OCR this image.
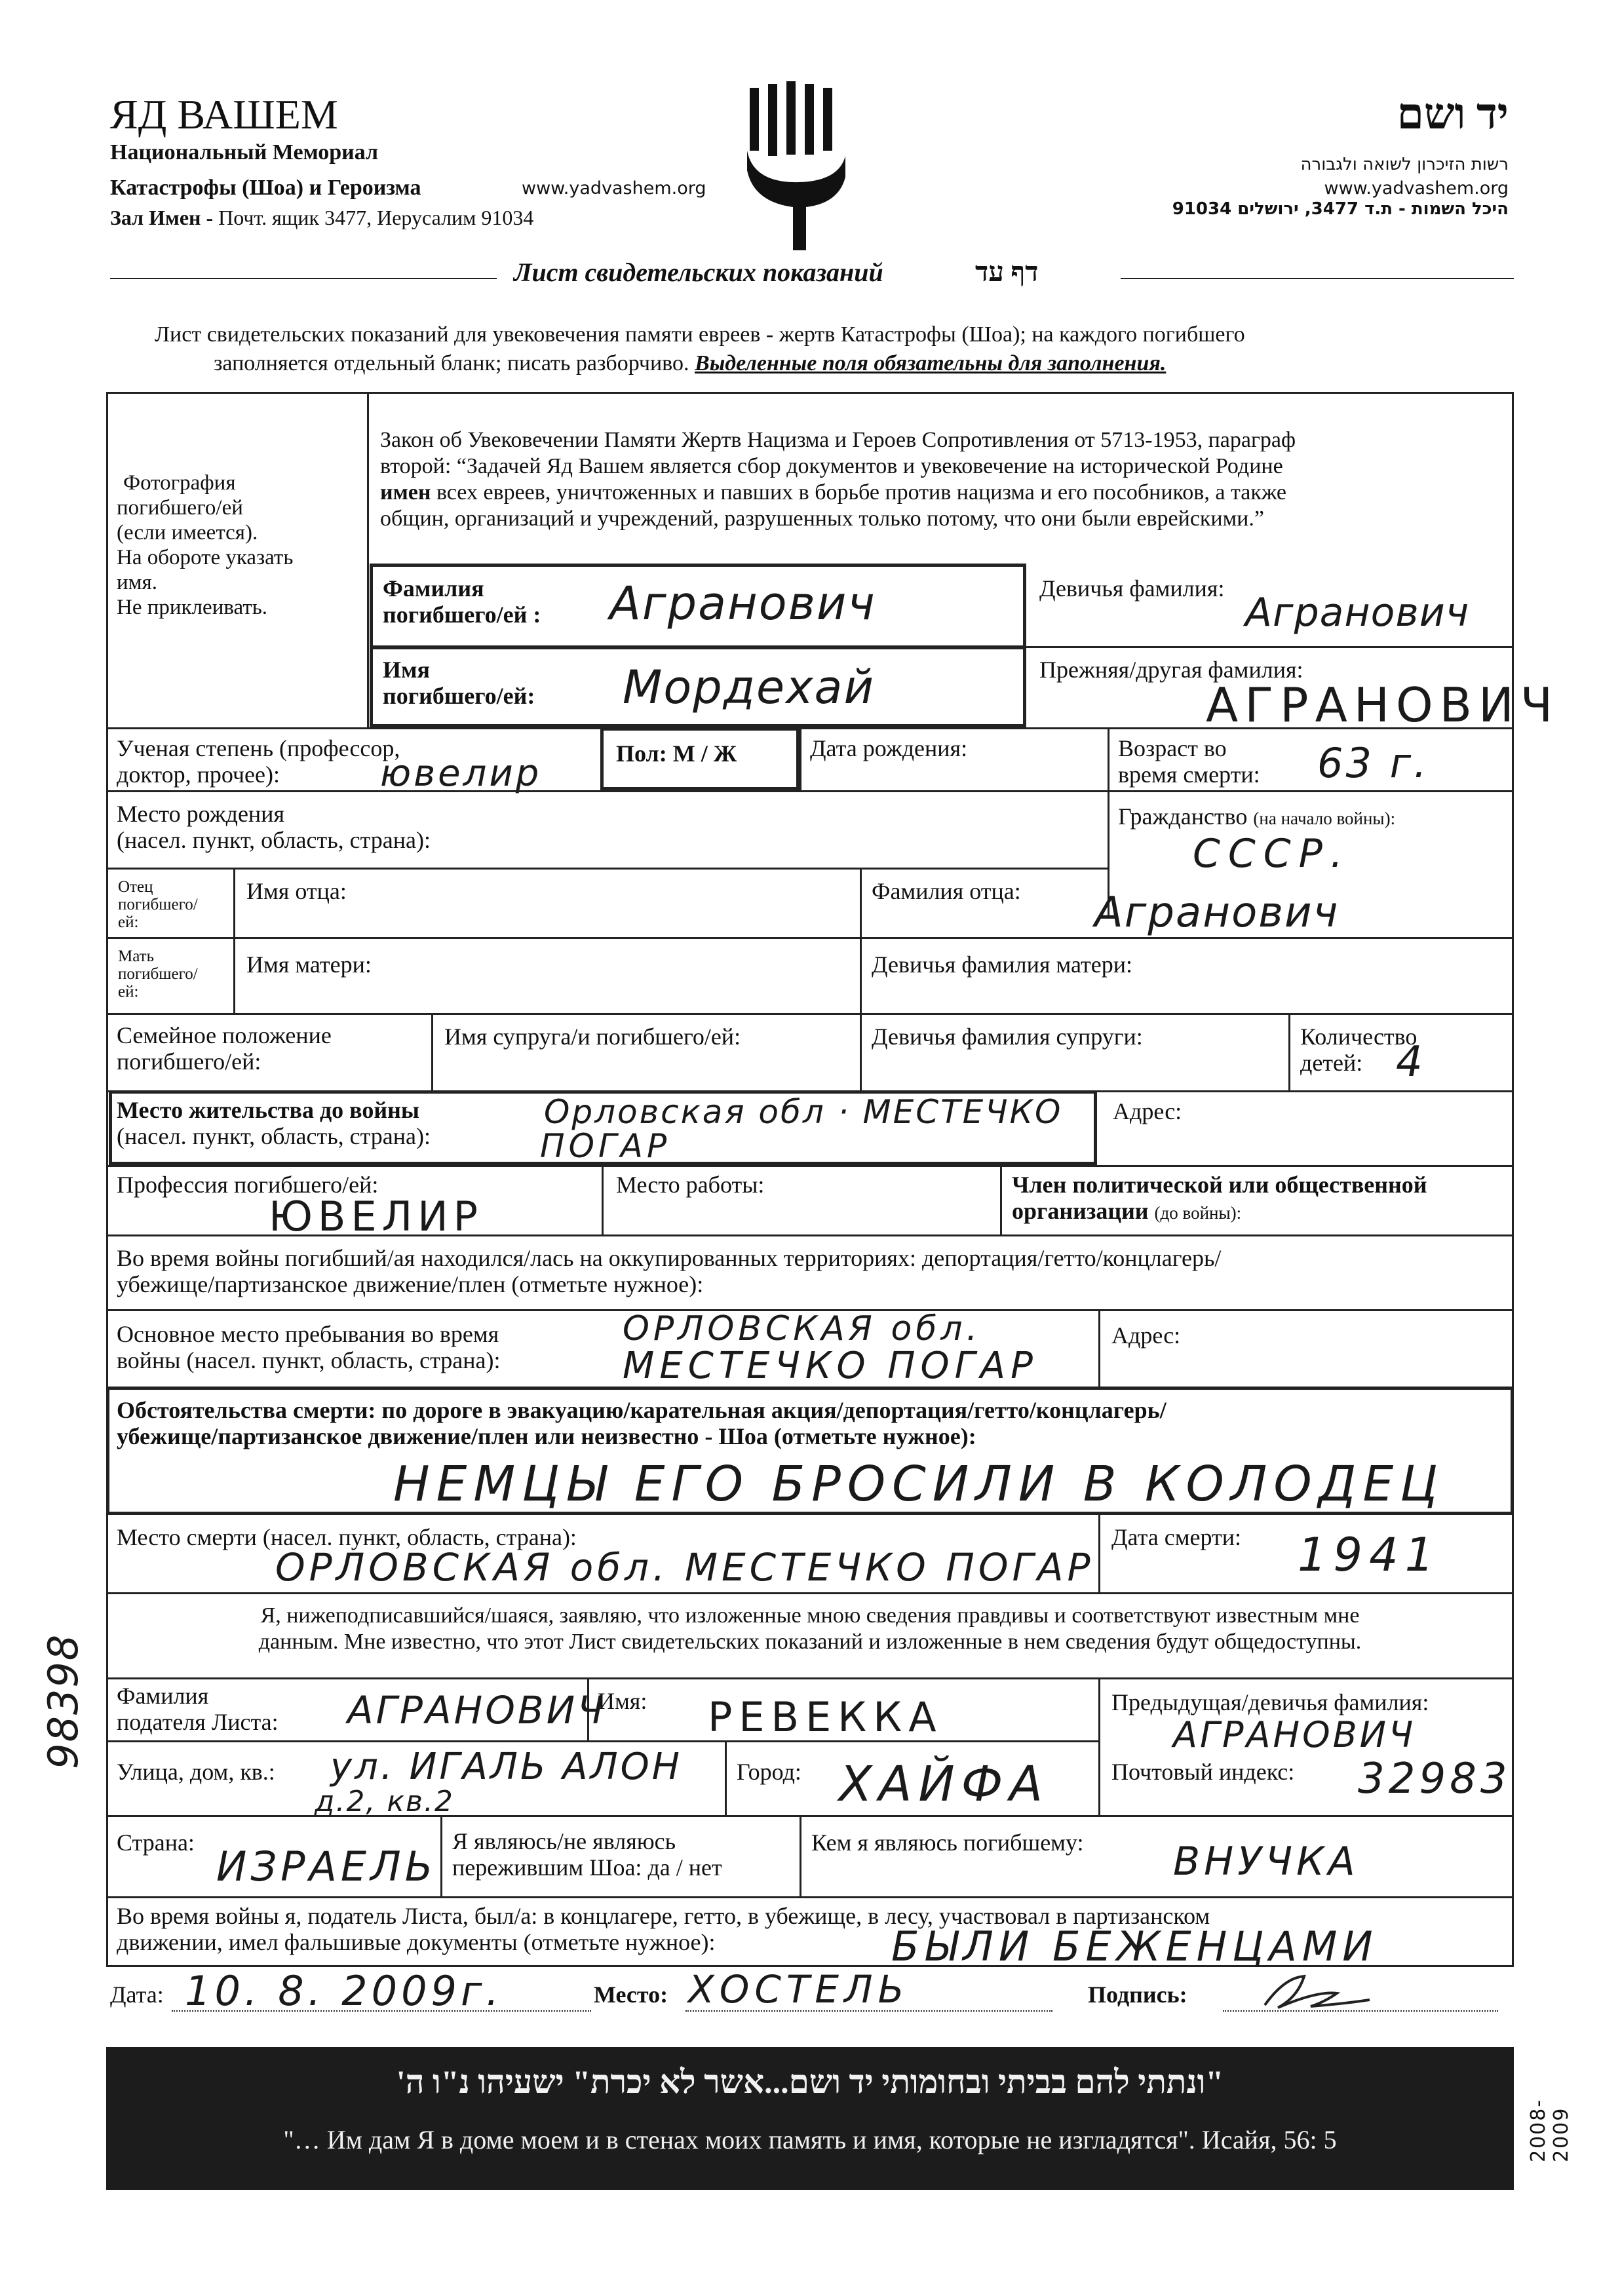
ЯД ВАШЕМ
Национальный Мемориал
Катастрофы (Шоа) и Героизма	www.yadvashem.org
Зал Имен - Почт. ящик 3477, Иерусалим 91034
יד ושם
רשות הזיכרון לשואה ולגבורה
www.yadvashem.org
היכל השמות - ת.ד 3477, ירושלים 91034
Лист свидетельских показаний	דף עד
Лист свидетельских показаний для увековечения памяти евреев - жертв Катастрофы (Шоа); на каждого погибшего
заполняется отдельный бланк; писать разборчиво. Выделенные поля обязательны для заполнения.
Фотография
погибшего/ей
(если имеется).
На обороте указать
имя.
Не приклеивать.
Закон об Увековечении Памяти Жертв Нацизма и Героев Сопротивления от 5713-1953, параграф
второй: “Задачей Яд Вашем является сбор документов и увековечение на исторической Родине
имен всех евреев, уничтоженных и павших в борьбе против нацизма и его пособников, а также
общин, организаций и учреждений, разрушенных только потому, что они были еврейскими.”
Фамилия
погибшего/ей : Агранович	Девичья фамилия:
Агранович
Имя
погибшего/ей: Мордехай	Прежняя/другая фамилия:
АГРАНОВИЧ
Ученая степень (профессор,
доктор, прочее):	ювелир	Пол: М / Ж	Дата рождения:	Возраст во
время смерти: 63 г.
Место рождения
(насел. пункт, область, страна):
Гражданство (на начало войны):
СССР.
Отец
погибшего/
ей:
Имя отца:	Фамилия отца: Агранович
Мать
погибшего/
ей:
Имя матери:	Девичья фамилия матери:
Семейное положение
погибшего/ей:
Имя супруга/и погибшего/ей:	Девичья фамилия супруги:	Количество
детей: 4
Место жительства до войны
(насел. пункт, область, страна):
Орловская обл · МЕСТЕЧКО
ПОГАР
Адрес:
Профессия погибшего/ей:
ЮВЕЛИР
Место работы:	Член политической или общественной
организации (до войны):
Во время войны погибший/ая находился/лась на оккупированных территориях: депортация/гетто/концлагерь/
убежище/партизанское движение/плен (отметьте нужное):
Основное место пребывания во время
войны (насел. пункт, область, страна):
ОРЛОВСКАЯ обл.
МЕСТЕЧКО ПОГАР
Адрес:
Обстоятельства смерти: по дороге в эвакуацию/карательная акция/депортация/гетто/концлагерь/
убежище/партизанское движение/плен или неизвестно - Шоа (отметьте нужное):
НЕМЦЫ ЕГО БРОСИЛИ В КОЛОДЕЦ
Место смерти (насел. пункт, область, страна):
ОРЛОВСКАЯ обл. МЕСТЕЧКО ПОГАР
Дата смерти: 1941
Я, нижеподписавшийся/шаяся, заявляю, что изложенные мною сведения правдивы и соответствуют известным мне
данным. Мне известно, что этот Лист свидетельских показаний и изложенные в нем сведения будут общедоступны.
Фамилия
подателя Листа: АГРАНОВИЧ
Имя: РЕВЕККА	Предыдущая/девичья фамилия:
АГРАНОВИЧ
Улица, дом, кв.: ул. ИГАЛЬ АЛОН
д.2, кв.2
Город: ХАЙФА	Почтовый индекс: 32983
Страна: ИЗРАЕЛЬ
Я являюсь/не являюсь
пережившим Шоа: да / нет
Кем я являюсь погибшему: ВНУЧКА
Во время войны я, податель Листа, был/а: в концлагере, гетто, в убежище, в лесу, участвовал в партизанском
движении, имел фальшивые документы (отметьте нужное):	БЫЛИ БЕЖЕНЦАМИ
98398
Дата: 10. 8. 2009г.	Место: ХОСТЕЛЬ	Подпись:
"ונתתי להם בביתי ובחומותי יד ושם...אשר לא יכרת" ישעיהו נ"ו ה'
"… Им дам Я в доме моем и в стенах моих память и имя, которые не изгладятся". Исайя, 56: 5	2008-2009
